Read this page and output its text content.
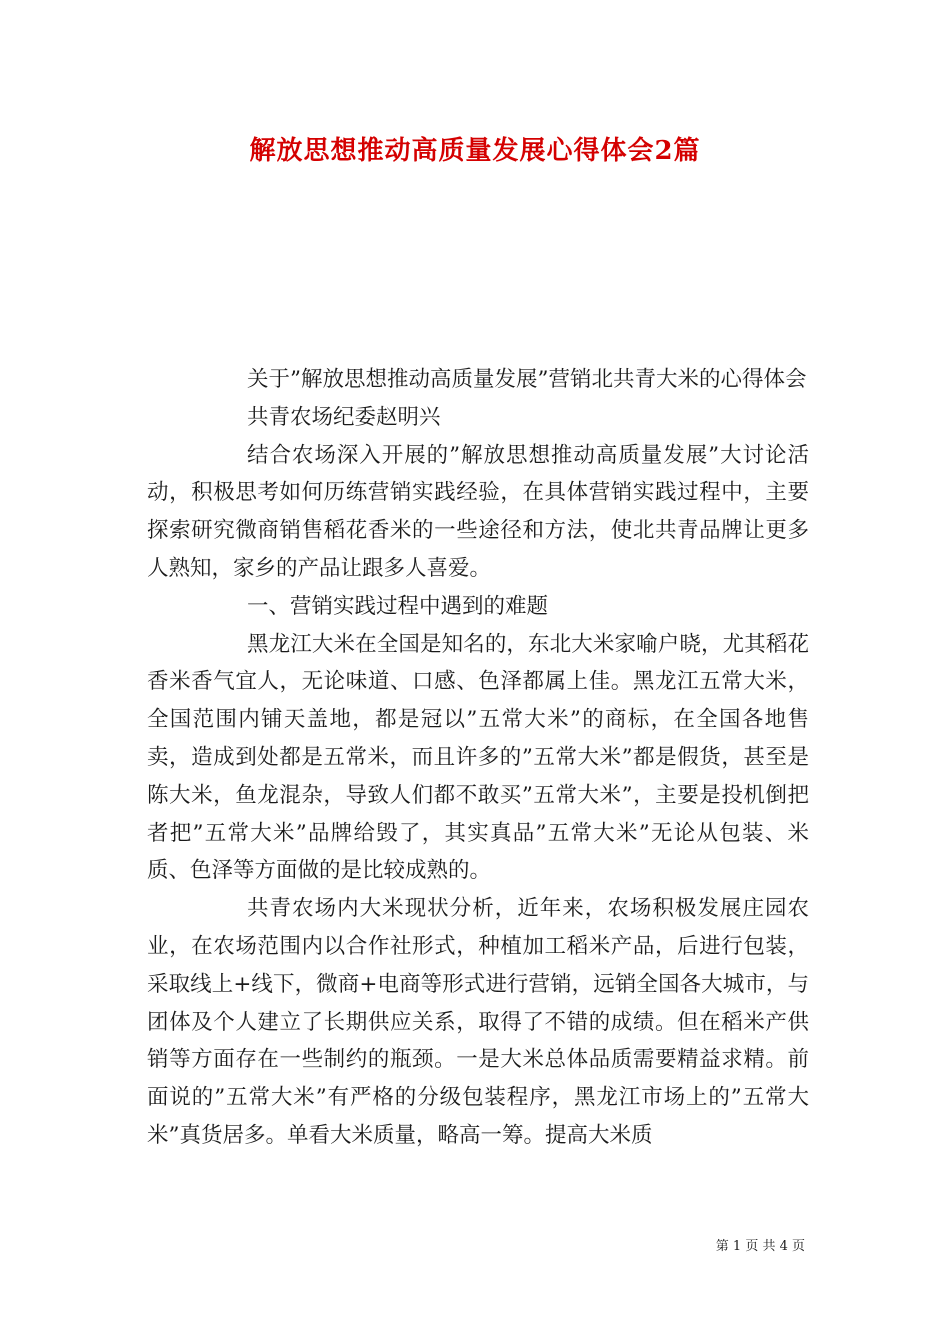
解放思想推动高质量发展心得体会2篇

关于”解放思想推动高质量发展”营销北共青大米的心得体会

共青农场纪委赵明兴

结合农场深入开展的”解放思想推动高质量发展”大讨论活动，积极思考如何历练营销实践经验，在具体营销实践过程中，主要探索研究微商销售稻花香米的一些途径和方法，使北共青品牌让更多人熟知，家乡的产品让跟多人喜爱。

一、营销实践过程中遇到的难题

黑龙江大米在全国是知名的，东北大米家喻户晓，尤其稻花香米香气宜人，无论味道、口感、色泽都属上佳。黑龙江五常大米，全国范围内铺天盖地，都是冠以”五常大米”的商标，在全国各地售卖，造成到处都是五常米，而且许多的”五常大米”都是假货，甚至是陈大米，鱼龙混杂，导致人们都不敢买”五常大米”，主要是投机倒把者把”五常大米”品牌给毁了，其实真品”五常大米”无论从包装、米质、色泽等方面做的是比较成熟的。

共青农场内大米现状分析，近年来，农场积极发展庄园农业，在农场范围内以合作社形式，种植加工稻米产品，后进行包装，采取线上+线下，微商+电商等形式进行营销，远销全国各大城市，与团体及个人建立了长期供应关系，取得了不错的成绩。但在稻米产供销等方面存在一些制约的瓶颈。一是大米总体品质需要精益求精。前面说的”五常大米”有严格的分级包装程序，黑龙江市场上的”五常大米”真货居多。单看大米质量，略高一筹。提高大米质

第 1 页 共 4 页
